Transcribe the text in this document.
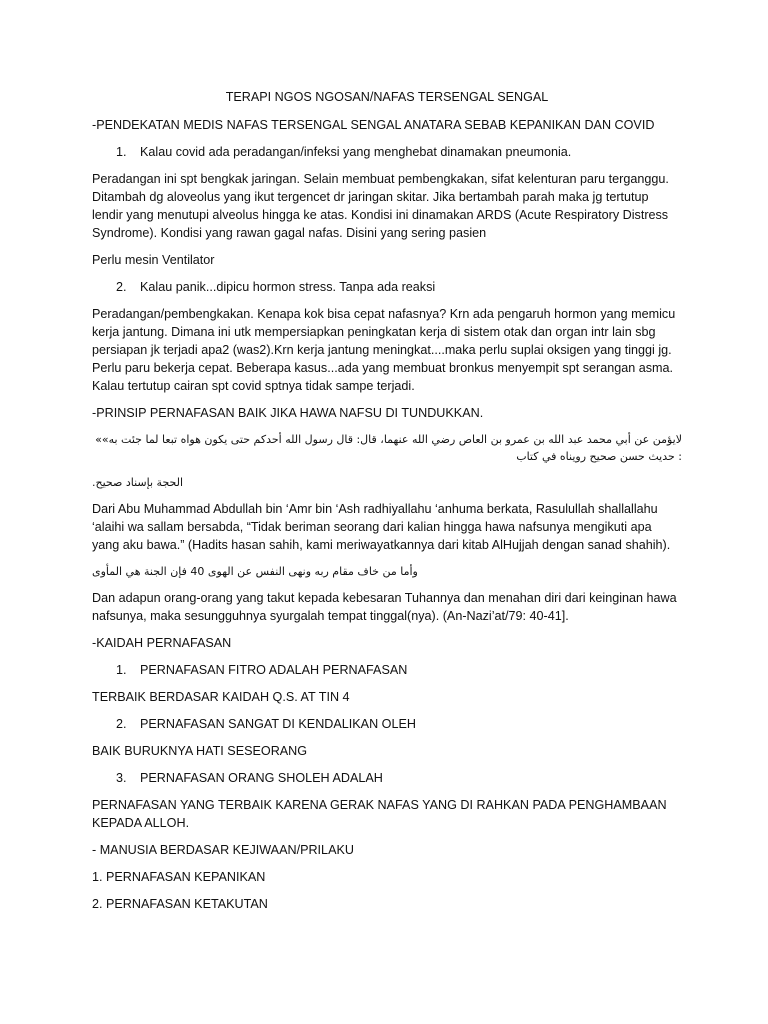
TERAPI NGOS NGOSAN/NAFAS TERSENGAL SENGAL

-PENDEKATAN MEDIS NAFAS TERSENGAL SENGAL ANATARA SEBAB KEPANIKAN DAN COVID

1. Kalau covid ada peradangan/infeksi yang menghebat dinamakan pneumonia.

Peradangan ini spt bengkak jaringan. Selain membuat pembengkakan, sifat kelenturan paru terganggu. Ditambah dg aloveolus yang ikut tergencet dr jaringan skitar. Jika bertambah parah maka jg tertutup lendir yang menutupi alveolus hingga ke atas. Kondisi ini dinamakan ARDS (Acute Respiratory Distress Syndrome). Kondisi yang rawan gagal nafas. Disini yang sering pasien

Perlu mesin Ventilator

2. Kalau panik...dipicu hormon stress. Tanpa ada reaksi

Peradangan/pembengkakan. Kenapa kok bisa cepat nafasnya? Krn ada pengaruh hormon yang memicu kerja jantung. Dimana ini utk mempersiapkan peningkatan kerja di sistem otak dan organ intr lain sbg persiapan jk terjadi apa2 (was2).Krn kerja jantung meningkat....maka perlu suplai oksigen yang tinggi jg. Perlu paru bekerja cepat. Beberapa kasus...ada yang membuat bronkus menyempit spt serangan asma. Kalau tertutup cairan spt covid sptnya tidak sampe terjadi.

-PRINSIP PERNAFASAN BAIK JIKA HAWA NAFSU DI TUNDUKKAN.

لايؤمن عن أبي محمد عبد الله بن عمرو بن العاص رضي الله عنهما، قال: قال رسول الله أحدكم حتى يكون هواه تبعا لما جئت به»» : حديث حسن صحيح رويناه في كتاب

الحجة بإسناد صحيح.

Dari Abu Muhammad Abdullah bin ‘Amr bin ‘Ash radhiyallahu ‘anhuma berkata, Rasulullah shallallahu ‘alaihi wa sallam bersabda, “Tidak beriman seorang dari kalian hingga hawa nafsunya mengikuti apa yang aku bawa.” (Hadits hasan sahih, kami meriwayatkannya dari kitab AlHujjah dengan sanad shahih).

وأما من خاف مقام ربه ونهى النفس عن الهوى 40 فإن الجنة هي المأوى

Dan adapun orang-orang yang takut kepada kebesaran Tuhannya dan menahan diri dari keinginan hawa nafsunya, maka sesungguhnya syurgalah tempat tinggal(nya). (An-Nazi’at/79: 40-41].

-KAIDAH PERNAFASAN

1. PERNAFASAN FITRO ADALAH PERNAFASAN

TERBAIK BERDASAR KAIDAH Q.S. AT TIN 4

2. PERNAFASAN SANGAT DI KENDALIKAN OLEH

BAIK BURUKNYA HATI SESEORANG

3. PERNAFASAN ORANG SHOLEH ADALAH

PERNAFASAN YANG TERBAIK KARENA GERAK NAFAS YANG DI RAHKAN PADA PENGHAMBAAN KEPADA ALLOH.

- MANUSIA BERDASAR KEJIWAAN/PRILAKU

1. PERNAFASAN KEPANIKAN

2. PERNAFASAN KETAKUTAN
